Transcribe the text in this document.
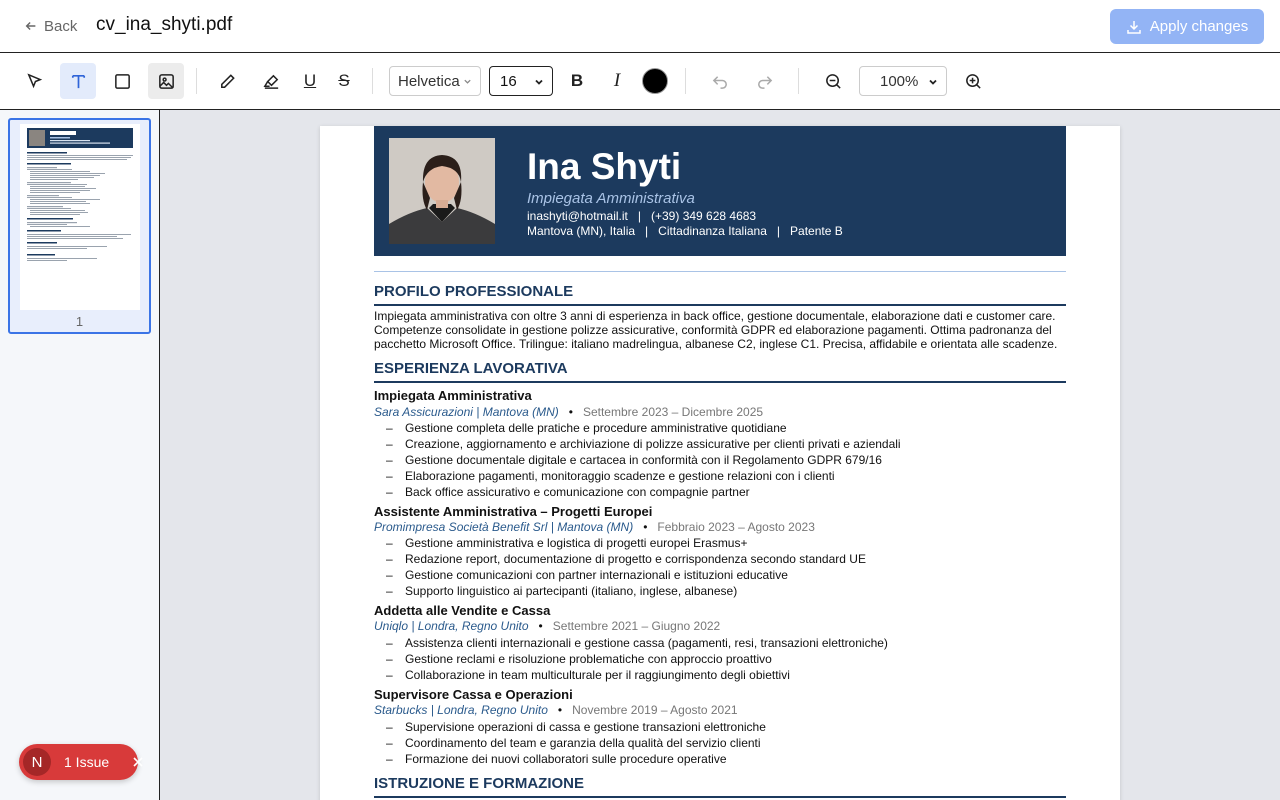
Back cv_ina_shyti.pdf	Apply changes
U	S	Helvetica	16	B	I	100%
1
Ina Shyti
Impiegata Amministrativa
inashyti@hotmail.it   |   (+39) 349 628 4683
Mantova (MN), Italia   |   Cittadinanza Italiana   |   Patente B
PROFILO PROFESSIONALE
Impiegata amministrativa con oltre 3 anni di esperienza in back office, gestione documentale, elaborazione dati e customer care.
Competenze consolidate in gestione polizze assicurative, conformità GDPR ed elaborazione pagamenti. Ottima padronanza del
pacchetto Microsoft Office. Trilingue: italiano madrelingua, albanese C2, inglese C1. Precisa, affidabile e orientata alle scadenze.
ESPERIENZA LAVORATIVA
Impiegata Amministrativa
Sara Assicurazioni | Mantova (MN)   •   Settembre 2023 – Dicembre 2025
– Gestione completa delle pratiche e procedure amministrative quotidiane
– Creazione, aggiornamento e archiviazione di polizze assicurative per clienti privati e aziendali
– Gestione documentale digitale e cartacea in conformità con il Regolamento GDPR 679/16
– Elaborazione pagamenti, monitoraggio scadenze e gestione relazioni con i clienti
– Back office assicurativo e comunicazione con compagnie partner
Assistente Amministrativa – Progetti Europei
Promimpresa Società Benefit Srl | Mantova (MN)   •   Febbraio 2023 – Agosto 2023
– Gestione amministrativa e logistica di progetti europei Erasmus+
– Redazione report, documentazione di progetto e corrispondenza secondo standard UE
– Gestione comunicazioni con partner internazionali e istituzioni educative
– Supporto linguistico ai partecipanti (italiano, inglese, albanese)
Addetta alle Vendite e Cassa
Uniqlo | Londra, Regno Unito   •   Settembre 2021 – Giugno 2022
– Assistenza clienti internazionali e gestione cassa (pagamenti, resi, transazioni elettroniche)
– Gestione reclami e risoluzione problematiche con approccio proattivo
– Collaborazione in team multiculturale per il raggiungimento degli obiettivi
Supervisore Cassa e Operazioni
Starbucks | Londra, Regno Unito   •   Novembre 2019 – Agosto 2021
– Supervisione operazioni di cassa e gestione transazioni elettroniche
– Coordinamento del team e garanzia della qualità del servizio clienti
– Formazione dei nuovi collaboratori sulle procedure operative
ISTRUZIONE E FORMAZIONE
N	1 Issue
